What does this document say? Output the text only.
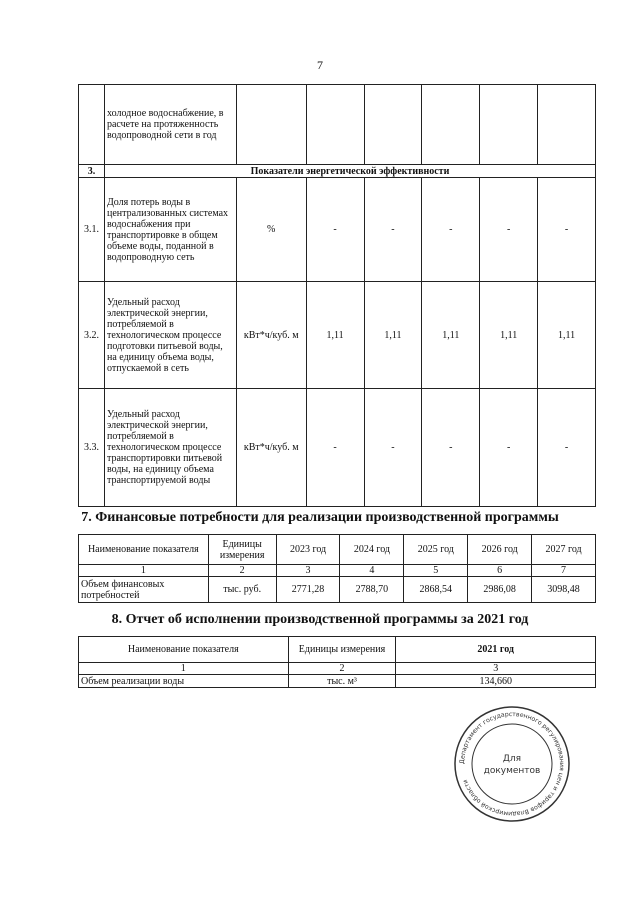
7
	холодное водоснабжение, в расчете на протяженность водопроводной сети в год						
3.	Показатели энергетической эффективности						
3.1.	Доля потерь воды в централизованных системах водоснабжения при транспортировке в общем объеме воды, поданной в водопроводную сеть	%	-	-	-	-	-
3.2.	Удельный расход электрической энергии, потребляемой в технологическом процессе подготовки питьевой воды, на единицу объема воды, отпускаемой в сеть	кВт*ч/куб. м	1,11	1,11	1,11	1,11	1,11
3.3.	Удельный расход электрической энергии, потребляемой в технологическом процессе транспортировки питьевой воды, на единицу объема транспортируемой воды	кВт*ч/куб. м	-	-	-	-	-
7. Финансовые потребности для реализации производственной программы
Наименование показателя	Единицы измерения	2023 год	2024 год	2025 год	2026 год	2027 год
1	2	3	4	5	6	7
Объем финансовых потребностей	тыс. руб.	2771,28	2788,70	2868,54	2986,08	3098,48
8. Отчет об исполнении производственной программы за 2021 год
Наименование показателя	Единицы измерения	2021 год
1	2	3
Объем реализации воды	тыс. м³	134,660
Департамент государственного регулирования цен и тарифов Владимирской области
Для
документов
